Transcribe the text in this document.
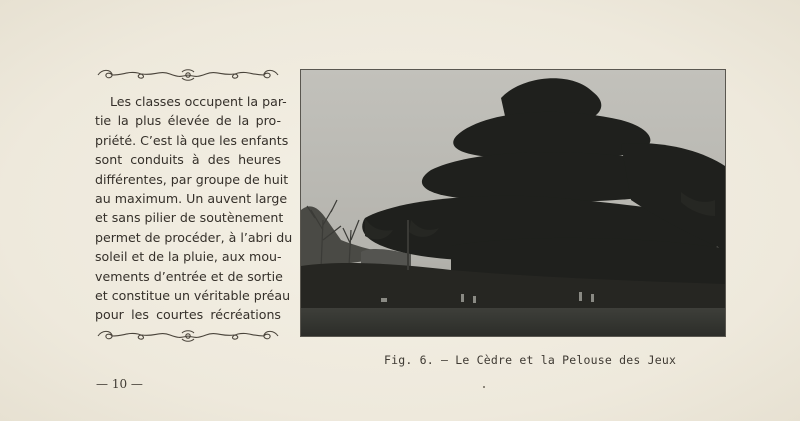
Les classes occupent la par-
tie la plus élevée de la pro-
priété. C’est là que les enfants
sont conduits à des heures
différentes, par groupe de huit
au maximum. Un auvent large
et sans pilier de soutènement
permet de procéder, à l’abri du
soleil et de la pluie, aux mou-
vements d’entrée et de sortie
et constitue un véritable préau
pour les courtes récréations
Fig. 6. — Le Cèdre et la Pelouse des Jeux
— 10 —
